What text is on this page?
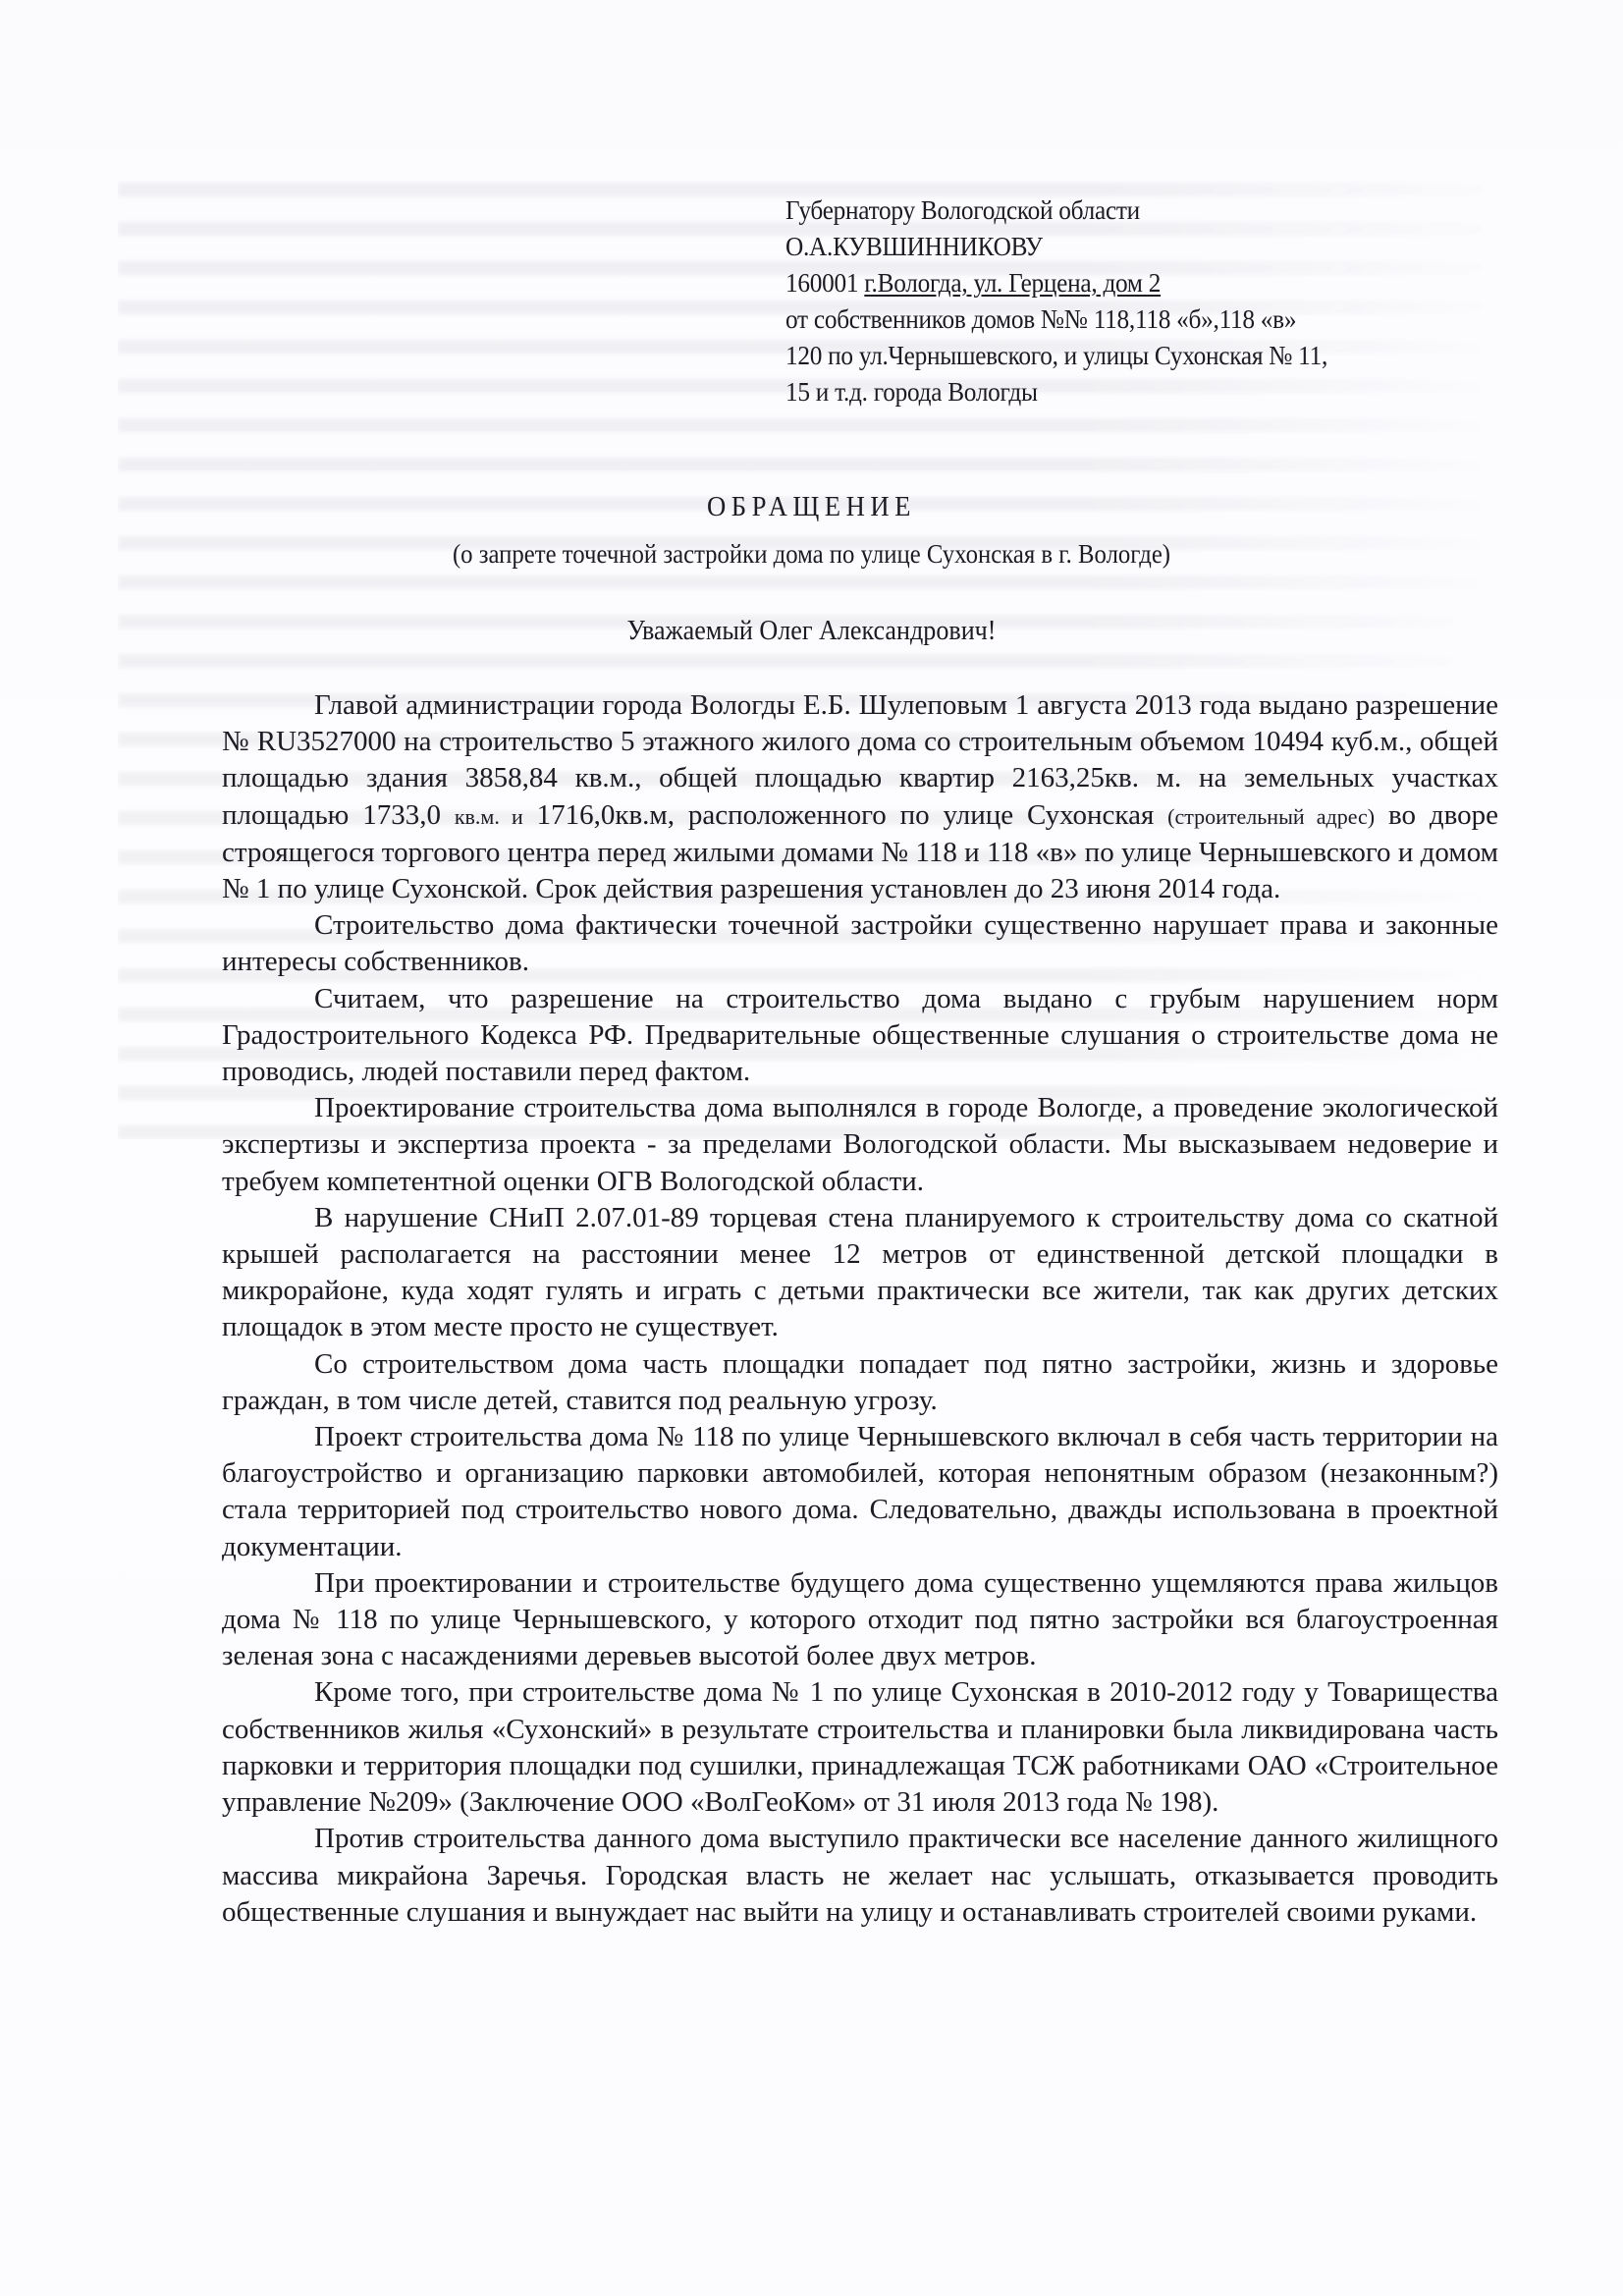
Губернатору Вологодской области
О.А.КУВШИННИКОВУ
160001 г.Вологда, ул. Герцена, дом 2
от собственников домов №№ 118,118 «б»,118 «в»
120 по ул.Чернышевского, и улицы Сухонская № 11,
15 и т.д. города Вологды
ОБРАЩЕНИЕ
(о запрете точечной застройки дома по улице Сухонская в г. Вологде)
Уважаемый Олег Александрович!

Главой администрации города Вологды Е.Б. Шулеповым 1 августа 2013 года выдано разрешение № RU3527000 на строительство 5 этажного жилого дома со строительным объемом 10494 куб.м., общей площадью здания 3858,84 кв.м., общей площадью квартир 2163,25кв. м. на земельных участках площадью 1733,0 кв.м. и 1716,0кв.м, расположенного по улице Сухонская (строительный адрес) во дворе строящегося торгового центра перед жилыми домами № 118 и 118 «в» по улице Чернышевского и домом № 1 по улице Сухонской. Срок действия разрешения установлен до 23 июня 2014 года.

Строительство дома фактически точечной застройки существенно нарушает права и законные интересы собственников.

Считаем, что разрешение на строительство дома выдано с грубым нарушением норм Градостроительного Кодекса РФ. Предварительные общественные слушания о строительстве дома не проводись, людей поставили перед фактом.

Проектирование строительства дома выполнялся в городе Вологде, а проведение экологической экспертизы и экспертиза проекта - за пределами Вологодской области. Мы высказываем недоверие и требуем компетентной оценки ОГВ Вологодской области.

В нарушение СНиП 2.07.01-89 торцевая стена планируемого к строительству дома со скатной крышей располагается на расстоянии менее 12 метров от единственной детской площадки в микрорайоне, куда ходят гулять и играть с детьми практически все жители, так как других детских площадок в этом месте просто не существует.

Со строительством дома часть площадки попадает под пятно застройки, жизнь и здоровье граждан, в том числе детей, ставится под реальную угрозу.

Проект строительства дома № 118 по улице Чернышевского включал в себя часть территории на благоустройство и организацию парковки автомобилей, которая непонятным образом (незаконным?) стала территорией под строительство нового дома. Следовательно, дважды использована в проектной документации.

При проектировании и строительстве будущего дома существенно ущемляются права жильцов дома № 118 по улице Чернышевского, у которого отходит под пятно застройки вся благоустроенная зеленая зона с насаждениями деревьев высотой более двух метров.

Кроме того, при строительстве дома № 1 по улице Сухонская в 2010-2012 году у Товарищества собственников жилья «Сухонский» в результате строительства и планировки была ликвидирована часть парковки и территория площадки под сушилки, принадлежащая ТСЖ работниками ОАО «Строительное управление №209» (Заключение ООО «ВолГеоКом» от 31 июля 2013 года № 198).

Против строительства данного дома выступило практически все население данного жилищного массива микрайона Заречья. Городская власть не желает нас услышать, отказывается проводить общественные слушания и вынуждает нас выйти на улицу и останавливать строителей своими руками.
